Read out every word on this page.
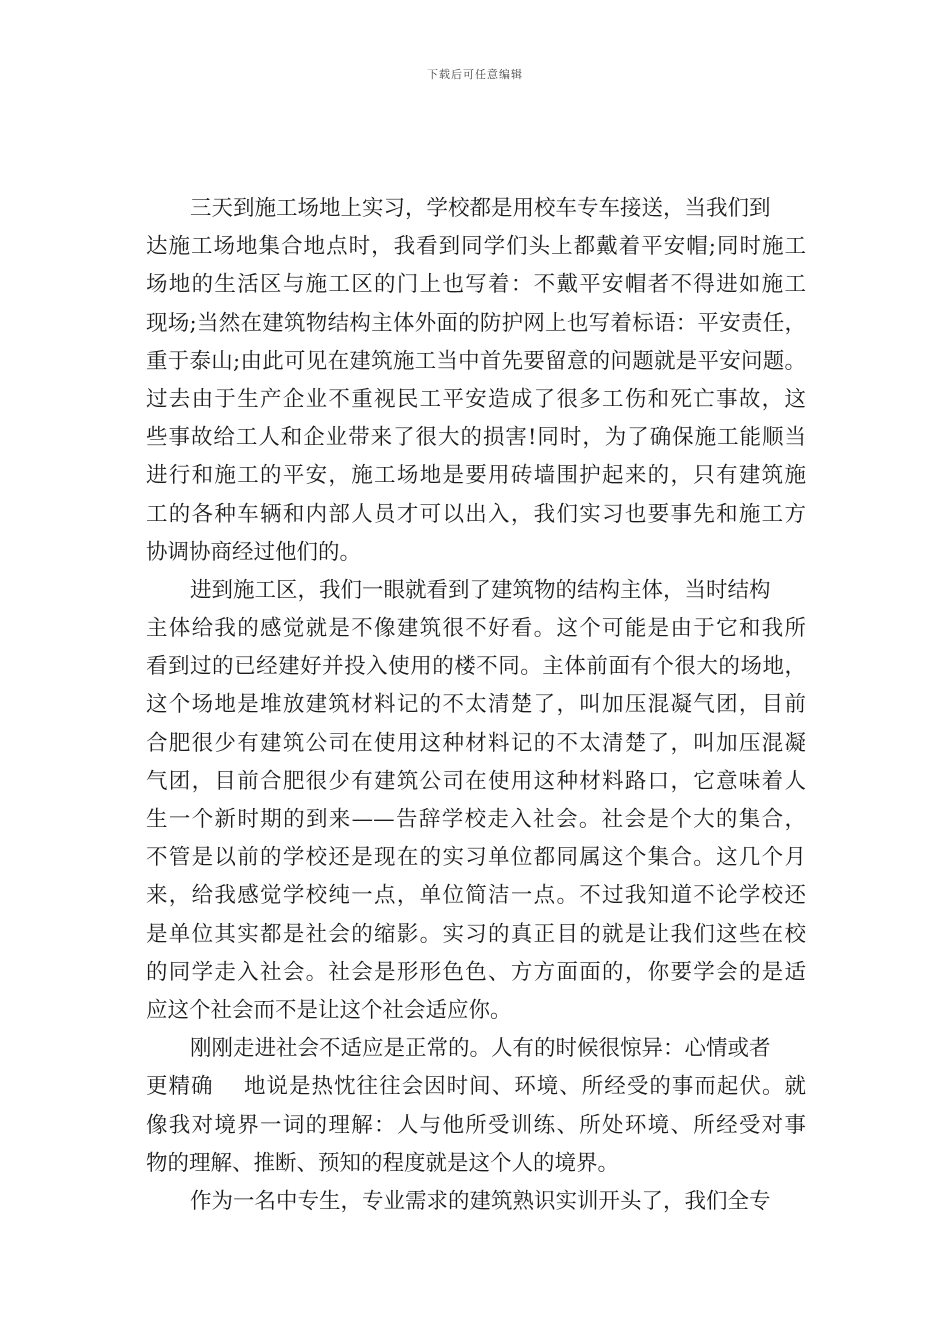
下载后可任意编辑
三天到施工场地上实习，学校都是用校车专车接送，当我们到
达施工场地集合地点时，我看到同学们头上都戴着平安帽;同时施工
场地的生活区与施工区的门上也写着：不戴平安帽者不得进如施工
现场;当然在建筑物结构主体外面的防护网上也写着标语：平安责任，
重于泰山;由此可见在建筑施工当中首先要留意的问题就是平安问题。
过去由于生产企业不重视民工平安造成了很多工伤和死亡事故，这
些事故给工人和企业带来了很大的损害!同时，为了确保施工能顺当
进行和施工的平安，施工场地是要用砖墙围护起来的，只有建筑施
工的各种车辆和内部人员才可以出入，我们实习也要事先和施工方
协调协商经过他们的。
进到施工区，我们一眼就看到了建筑物的结构主体，当时结构
主体给我的感觉就是不像建筑很不好看。这个可能是由于它和我所
看到过的已经建好并投入使用的楼不同。主体前面有个很大的场地，
这个场地是堆放建筑材料记的不太清楚了，叫加压混凝气团，目前
合肥很少有建筑公司在使用这种材料记的不太清楚了，叫加压混凝
气团，目前合肥很少有建筑公司在使用这种材料路口，它意味着人
生一个新时期的到来——告辞学校走入社会。社会是个大的集合，
不管是以前的学校还是现在的实习单位都同属这个集合。这几个月
来，给我感觉学校纯一点，单位简洁一点。不过我知道不论学校还
是单位其实都是社会的缩影。实习的真正目的就是让我们这些在校
的同学走入社会。社会是形形色色、方方面面的，你要学会的是适
应这个社会而不是让这个社会适应你。
刚刚走进社会不适应是正常的。人有的时候很惊异：心情或者
更精确　 地说是热忱往往会因时间、环境、所经受的事而起伏。就
像我对境界一词的理解：人与他所受训练、所处环境、所经受对事
物的理解、推断、预知的程度就是这个人的境界。
作为一名中专生，专业需求的建筑熟识实训开头了，我们全专
